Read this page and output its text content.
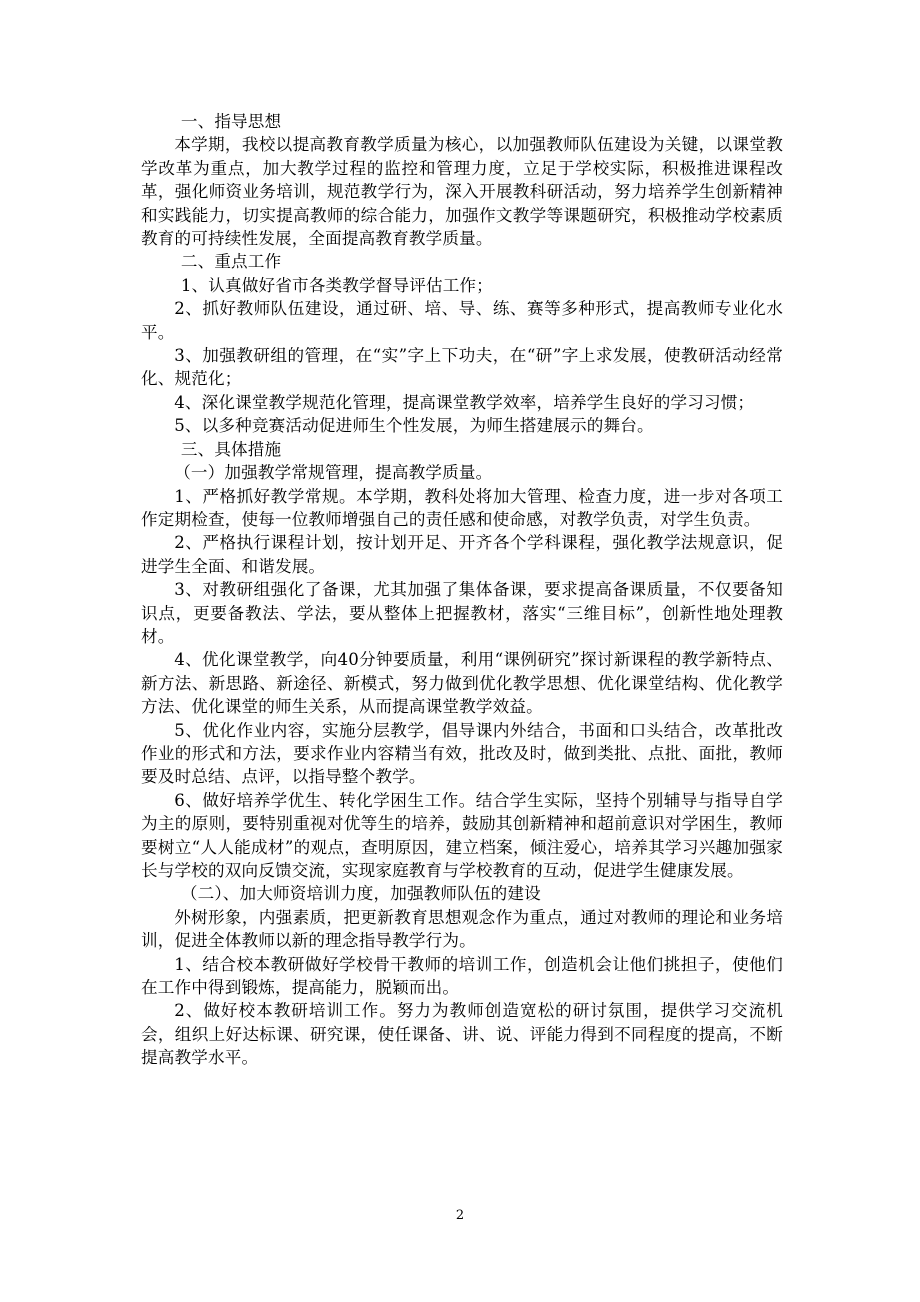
一、指导思想

本学期，我校以提高教育教学质量为核心，以加强教师队伍建设为关键，以课堂教学改革为重点，加大教学过程的监控和管理力度，立足于学校实际，积极推进课程改革，强化师资业务培训，规范教学行为，深入开展教科研活动，努力培养学生创新精神和实践能力，切实提高教师的综合能力，加强作文教学等课题研究，积极推动学校素质教育的可持续性发展，全面提高教育教学质量。

二、重点工作

1、认真做好省市各类教学督导评估工作；

2、抓好教师队伍建设，通过研、培、导、练、赛等多种形式，提高教师专业化水平。

3、加强教研组的管理，在“实”字上下功夫，在“研”字上求发展，使教研活动经常化、规范化；

4、深化课堂教学规范化管理，提高课堂教学效率，培养学生良好的学习习惯；

5、以多种竞赛活动促进师生个性发展，为师生搭建展示的舞台。

三、具体措施

（一）加强教学常规管理，提高教学质量。

1、严格抓好教学常规。本学期，教科处将加大管理、检查力度，进一步对各项工作定期检查，使每一位教师增强自己的责任感和使命感，对教学负责，对学生负责。

2、严格执行课程计划，按计划开足、开齐各个学科课程，强化教学法规意识，促进学生全面、和谐发展。

3、对教研组强化了备课，尤其加强了集体备课，要求提高备课质量，不仅要备知识点，更要备教法、学法，要从整体上把握教材，落实“三维目标”，创新性地处理教材。

4、优化课堂教学，向40分钟要质量，利用“课例研究”探讨新课程的教学新特点、新方法、新思路、新途径、新模式，努力做到优化教学思想、优化课堂结构、优化教学方法、优化课堂的师生关系，从而提高课堂教学效益。

5、优化作业内容，实施分层教学，倡导课内外结合，书面和口头结合，改革批改作业的形式和方法，要求作业内容精当有效，批改及时，做到类批、点批、面批，教师要及时总结、点评，以指导整个教学。

6、做好培养学优生、转化学困生工作。结合学生实际，坚持个别辅导与指导自学为主的原则，要特别重视对优等生的培养，鼓励其创新精神和超前意识对学困生，教师要树立“人人能成材”的观点，查明原因，建立档案，倾注爱心，培养其学习兴趣加强家长与学校的双向反馈交流，实现家庭教育与学校教育的互动，促进学生健康发展。

（二）、加大师资培训力度，加强教师队伍的建设

外树形象，内强素质，把更新教育思想观念作为重点，通过对教师的理论和业务培训，促进全体教师以新的理念指导教学行为。

1、结合校本教研做好学校骨干教师的培训工作，创造机会让他们挑担子，使他们在工作中得到锻炼，提高能力，脱颖而出。

2、做好校本教研培训工作。努力为教师创造宽松的研讨氛围，提供学习交流机会，组织上好达标课、研究课，使任课备、讲、说、评能力得到不同程度的提高，不断提高教学水平。

2
